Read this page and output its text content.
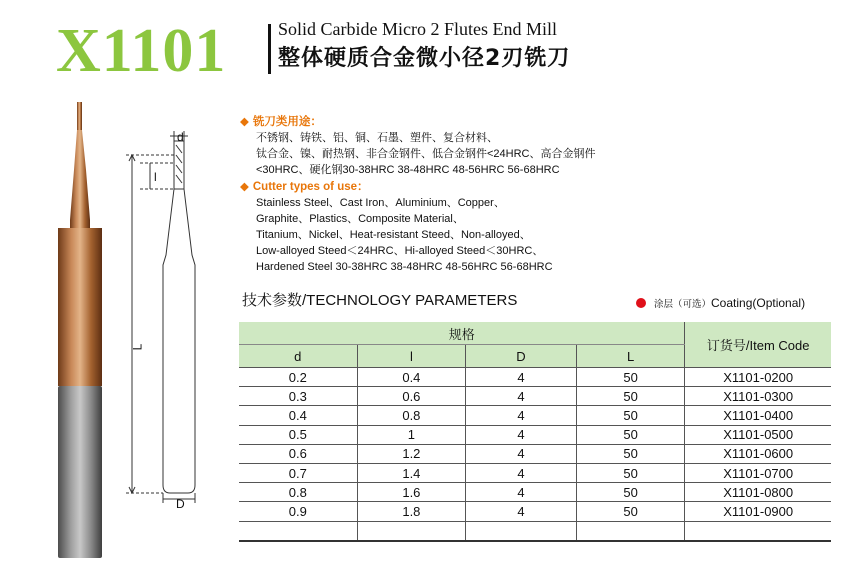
X1101	Solid Carbide Micro 2 Flutes End Mill
整体硬质合金微小径2刃铣刀
d
l
L
D
◆ 铣刀类用途：
不锈钢、铸铁、铝、铜、石墨、塑件、复合材料、
钛合金、镍、耐热钢、非合金钢件、低合金钢件<24HRC、高合金钢件
<30HRC、硬化钢30-38HRC 38-48HRC 48-56HRC 56-68HRC
◆ Cutter types of use：
Stainless Steel、Cast Iron、Aluminium、Copper、
Graphite、Plastics、Composite Material、
Titanium、Nickel、Heat-resistant Steed、Non-alloyed、
Low-alloyed Steed＜24HRC、Hi-alloyed Steed＜30HRC、
Hardened Steel 30-38HRC 38-48HRC 48-56HRC 56-68HRC
技术参数/TECHNOLOGY PARAMETERS	涂层（可选）Coating(Optional)
规格				订货号/Item Code
d	l	D	L	
0.2	0.4	4	50	X1101-0200
0.3	0.6	4	50	X1101-0300
0.4	0.8	4	50	X1101-0400
0.5	1	4	50	X1101-0500
0.6	1.2	4	50	X1101-0600
0.7	1.4	4	50	X1101-0700
0.8	1.6	4	50	X1101-0800
0.9	1.8	4	50	X1101-0900
